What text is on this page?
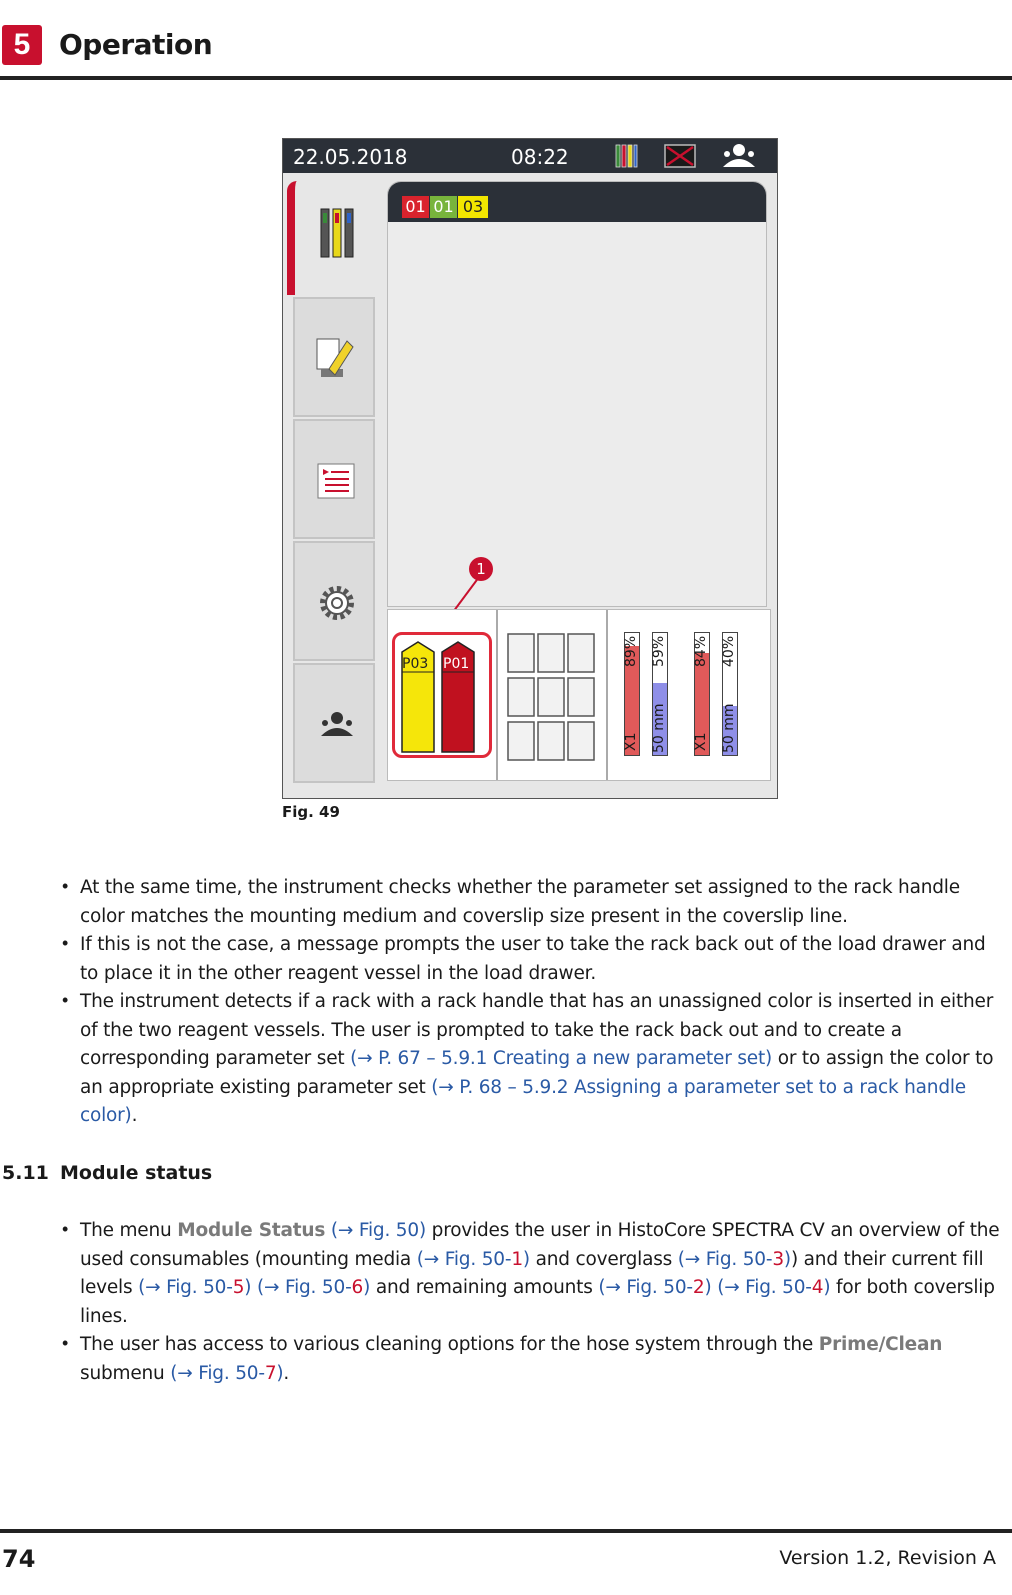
5	Operation
22.05.2018	08:22
01 01 03
1
P03 P01	89%
X1
59%
50 mm
84%
X1
40%
50 mm
Fig. 49
• At the same time, the instrument checks whether the parameter set assigned to the rack handle color matches the mounting medium and coverslip size present in the coverslip line.
• If this is not the case, a message prompts the user to take the rack back out of the load drawer and to place it in the other reagent vessel in the load drawer.
• The instrument detects if a rack with a rack handle that has an unassigned color is inserted in either of the two reagent vessels. The user is prompted to take the rack back out and to create a corresponding parameter set (→ P. 67 – 5.9.1 Creating a new parameter set) or to assign the color to an appropriate existing parameter set (→ P. 68 – 5.9.2 Assigning a parameter set to a rack handle color).
5.11 Module status
• The menu Module Status (→ Fig. 50) provides the user in HistoCore SPECTRA CV an overview of the used consumables (mounting media (→ Fig. 50-1) and coverglass (→ Fig. 50-3)) and their current fill levels (→ Fig. 50-5) (→ Fig. 50-6) and remaining amounts (→ Fig. 50-2) (→ Fig. 50-4) for both coverslip lines.
• The user has access to various cleaning options for the hose system through the Prime/Clean submenu (→ Fig. 50-7).
74	Version 1.2, Revision A
